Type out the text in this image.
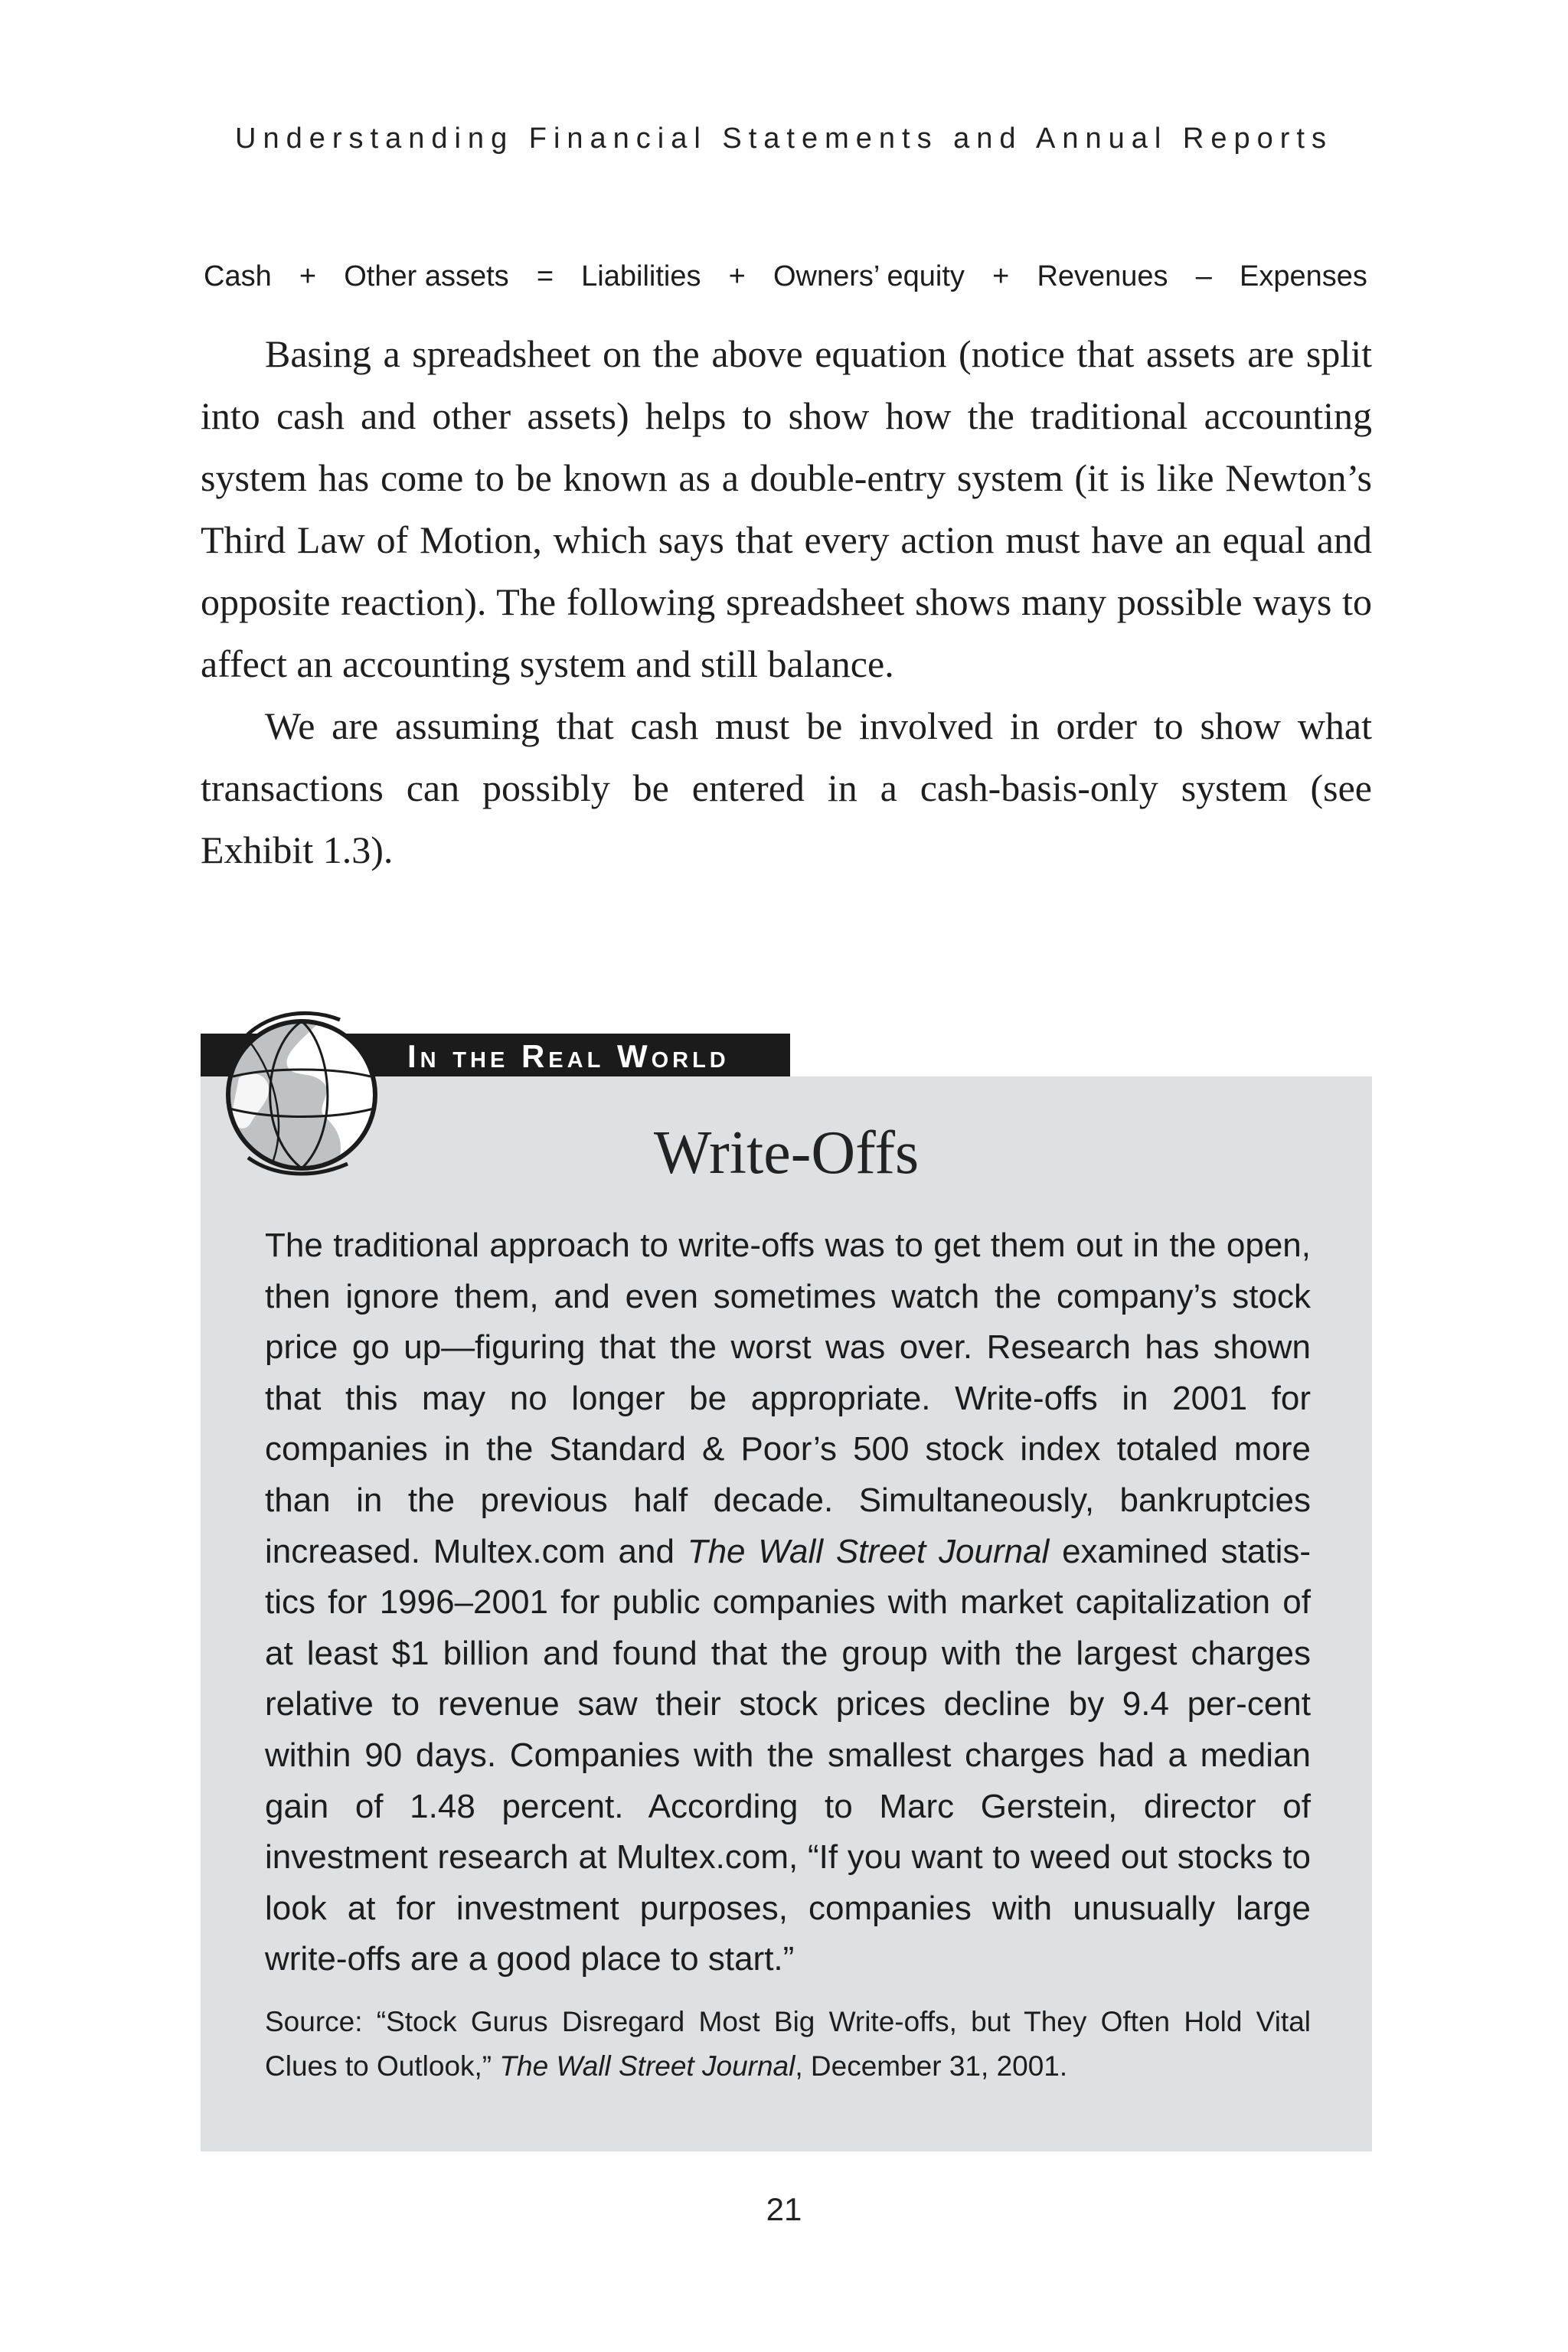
Understanding Financial Statements and Annual Reports
Cash + Other assets = Liabilities + Owners’ equity + Revenues – Expenses

Basing a spreadsheet on the above equation (notice that assets are split into cash and other assets) helps to show how the traditional accounting system has come to be known as a double-entry system (it is like Newton’s Third Law of Motion, which says that every action must have an equal and opposite reaction). The following spreadsheet shows many possible ways to affect an accounting system and still balance.

We are assuming that cash must be involved in order to show what transactions can possibly be entered in a cash-basis-only system (see Exhibit 1.3).

In the Real World
Write-Offs

The traditional approach to write-offs was to get them out in the open, then ignore them, and even sometimes watch the company’s stock price go up—figuring that the worst was over. Research has shown that this may no longer be appropriate. Write-offs in 2001 for companies in the Standard & Poor’s 500 stock index totaled more than in the previous half decade. Simultaneously, bankruptcies increased. Multex.com and The Wall Street Journal examined statis-tics for 1996–2001 for public companies with market capitalization of at least $1 billion and found that the group with the largest charges relative to revenue saw their stock prices decline by 9.4 per-cent within 90 days. Companies with the smallest charges had a median gain of 1.48 percent. According to Marc Gerstein, director of investment research at Multex.com, “If you want to weed out stocks to look at for investment purposes, companies with unusually large write-offs are a good place to start.”

Source: “Stock Gurus Disregard Most Big Write-offs, but They Often Hold Vital Clues to Outlook,” The Wall Street Journal, December 31, 2001.

21
